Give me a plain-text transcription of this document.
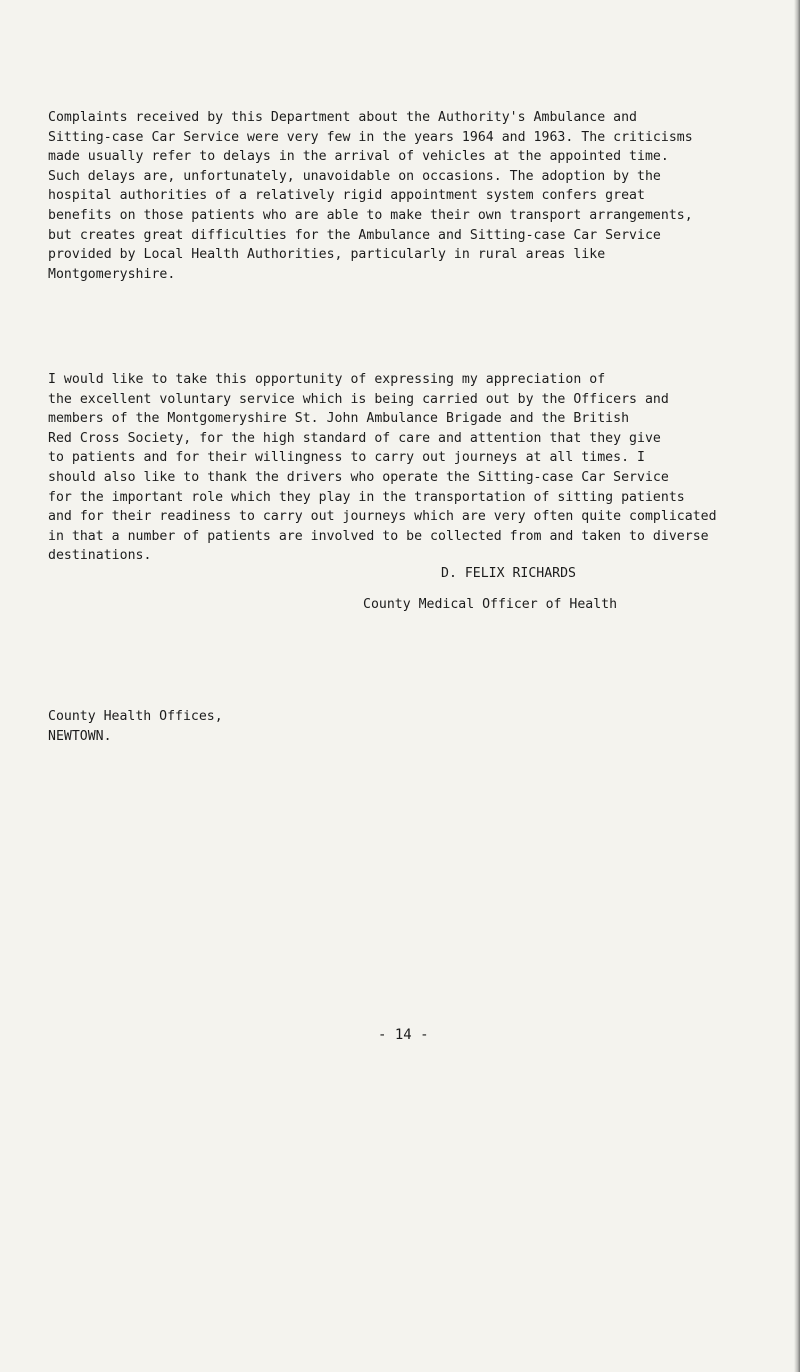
Complaints received by this Department about the Authority's Ambulance and
Sitting-case Car Service were very few in the years 1964 and 1963. The criticisms
made usually refer to delays in the arrival of vehicles at the appointed time.
Such delays are, unfortunately, unavoidable on occasions. The adoption by the
hospital authorities of a relatively rigid appointment system confers great
benefits on those patients who are able to make their own transport arrangements,
but creates great difficulties for the Ambulance and Sitting-case Car Service
provided by Local Health Authorities, particularly in rural areas like
Montgomeryshire.

I would like to take this opportunity of expressing my appreciation of
the excellent voluntary service which is being carried out by the Officers and
members of the Montgomeryshire St. John Ambulance Brigade and the British
Red Cross Society, for the high standard of care and attention that they give
to patients and for their willingness to carry out journeys at all times. I
should also like to thank the drivers who operate the Sitting-case Car Service
for the important role which they play in the transportation of sitting patients
and for their readiness to carry out journeys which are very often quite complicated
in that a number of patients are involved to be collected from and taken to diverse
destinations.

D. FELIX RICHARDS

County Medical Officer of Health

County Health Offices,
NEWTOWN.

- 14 -
